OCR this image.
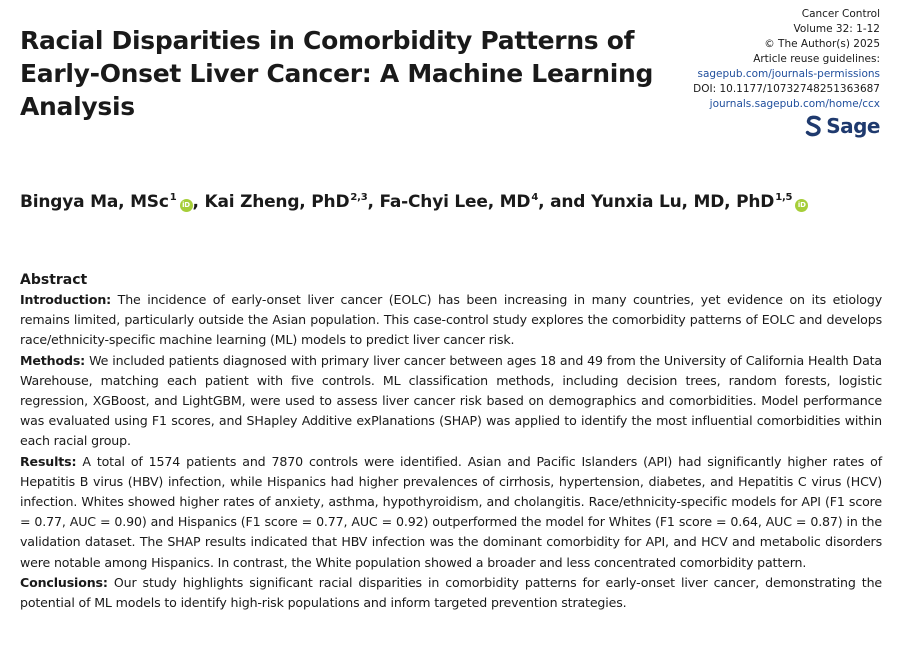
Racial Disparities in Comorbidity Patterns of Early-Onset Liver Cancer: A Machine Learning Analysis
Cancer Control
Volume 32: 1-12
© The Author(s) 2025
Article reuse guidelines:
sagepub.com/journals-permissions
DOI: 10.1177/10732748251363687
journals.sagepub.com/home/ccx
Sage
Bingya Ma, MSc$^1$iD , Kai Zheng, PhD$^{2,3}$, Fa-Chyi Lee, $MD^4$, and Yunxia Lu, MD, PhD$^{1,5}$iD
Abstract

Introduction: The incidence of early-onset liver cancer (EOLC) has been increasing in many countries, yet evidence on its etiology remains limited, particularly outside the Asian population. This case-control study explores the comorbidity patterns of EOLC and develops race/ethnicity-specific machine learning (ML) models to predict liver cancer risk.

Methods: We included patients diagnosed with primary liver cancer between ages 18 and 49 from the University of California Health Data Warehouse, matching each patient with five controls. ML classification methods, including decision trees, random forests, logistic regression, XGBoost, and LightGBM, were used to assess liver cancer risk based on demographics and comorbidities. Model performance was evaluated using F1 scores, and SHapley Additive exPlanations (SHAP) was applied to identify the most influential comorbidities within each racial group.

Results: A total of 1574 patients and 7870 controls were identified. Asian and Pacific Islanders (API) had significantly higher rates of Hepatitis B virus (HBV) infection, while Hispanics had higher prevalences of cirrhosis, hypertension, diabetes, and Hepatitis C virus (HCV) infection. Whites showed higher rates of anxiety, asthma, hypothyroidism, and cholangitis. Race/ethnicity-specific models for API (F1 score = 0.77, AUC = 0.90) and Hispanics (F1 score = 0.77, AUC = 0.92) outperformed the model for Whites (F1 score = 0.64, AUC = 0.87) in the validation dataset. The SHAP results indicated that HBV infection was the dominant comorbidity for API, and HCV and metabolic disorders were notable among Hispanics. In contrast, the White population showed a broader and less concentrated comorbidity pattern.

Conclusions: Our study highlights significant racial disparities in comorbidity patterns for early-onset liver cancer, demonstrating the potential of ML models to identify high-risk populations and inform targeted prevention strategies.
